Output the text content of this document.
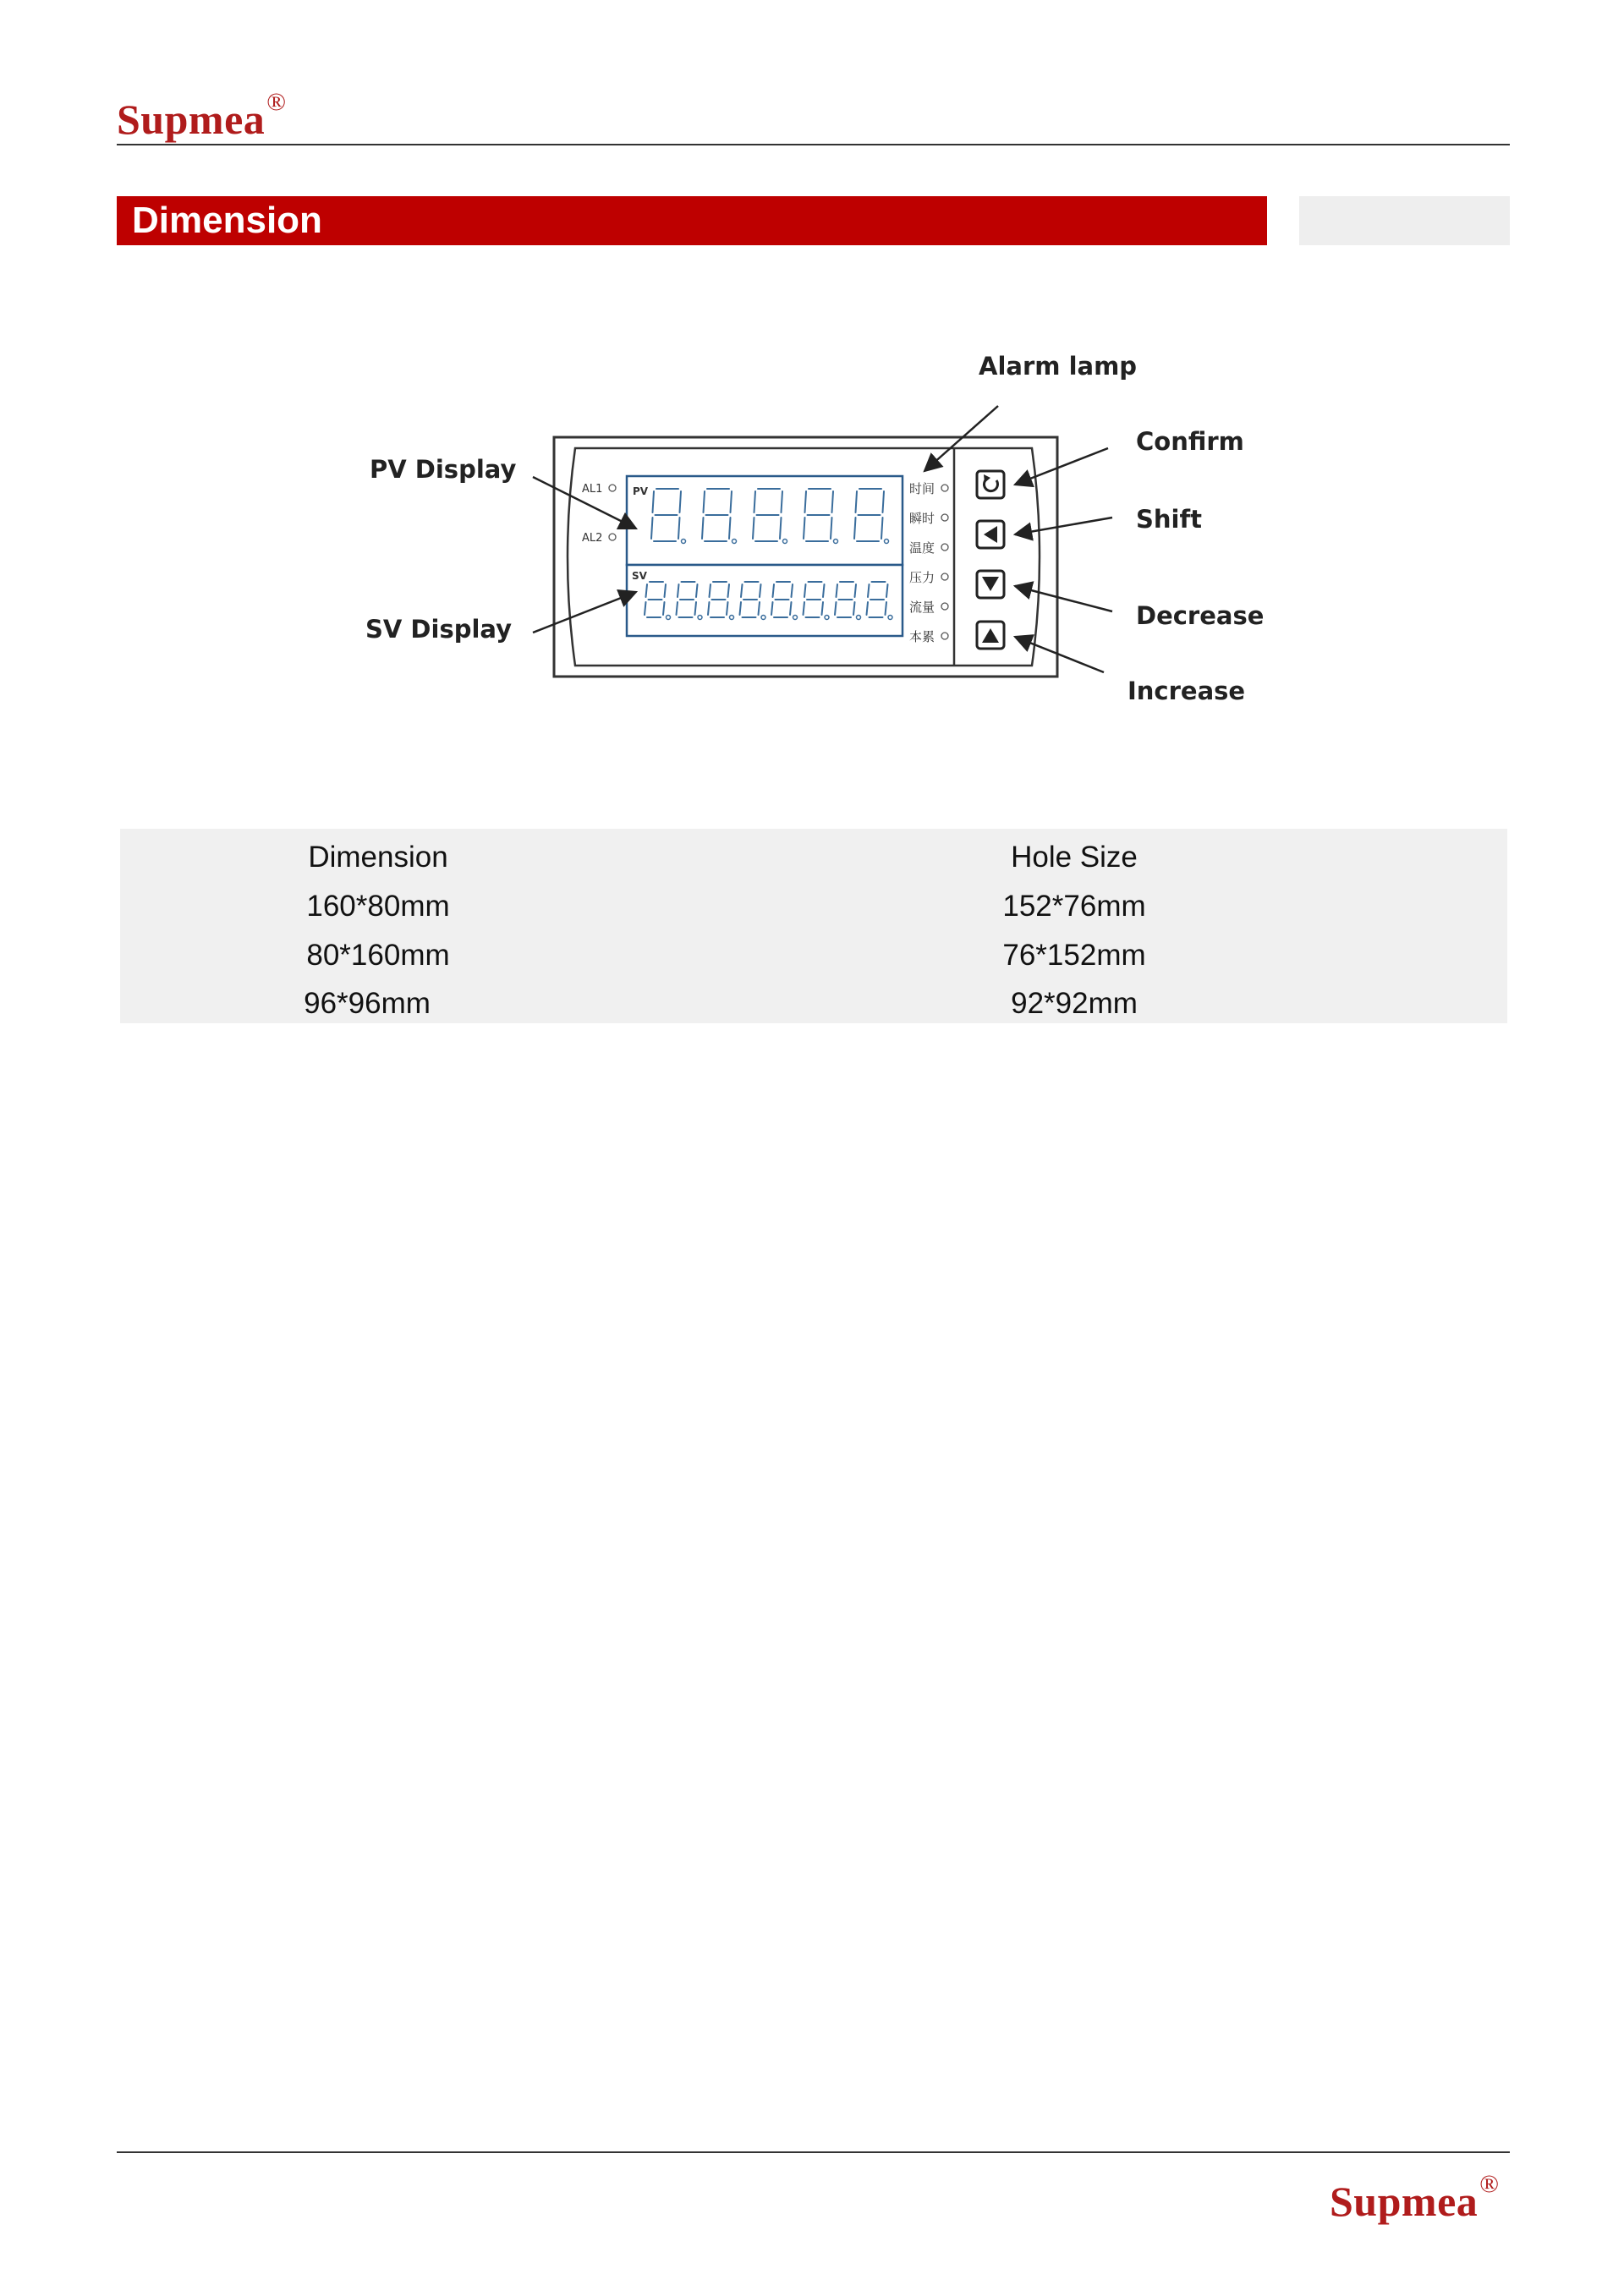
Supmea®
Dimension
AL1
AL2
PV
SV
时间
瞬时
温度
压力
流量
本累
Alarm lamp
PV Display
SV Display
Confirm
Shift
Decrease
Increase
Dimension	Hole Size
160*80mm	152*76mm
80*160mm	76*152mm
96*96mm	92*92mm
Supmea®
